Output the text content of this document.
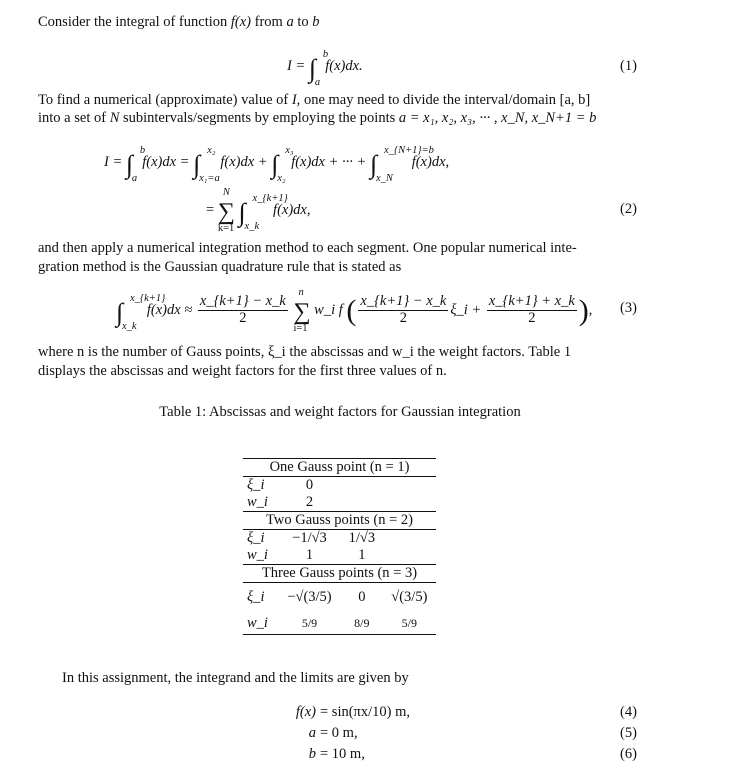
Consider the integral of function f(x) from a to b
I = ∫ b
a
f(x)dx.	(1)
To find a numerical (approximate) value of I, one may need to divide the interval/domain [a, b]
into a set of N subintervals/segments by employing the points a = x₁, x₂, x₃, ··· , x_N, x_N+1 = b
I = ∫ b
a
f(x)dx = ∫ x₂
x₁=a
f(x)dx + ∫ x₃
x₂
f(x)dx + ··· + ∫ x_{N+1}=b
x_N
f(x)dx,
= ∑
N
k=1
∫ x_{k+1}
x_k
f(x)dx,	(2)
and then apply a numerical integration method to each segment. One popular numerical inte-
gration method is the Gaussian quadrature rule that is stated as
∫ x_{k+1}
x_k
$f(x)dx \approx \frac{x\_\{k+1\} - x\_k}{2}$ ∑
n
i=1
w_i f ( $\frac{x\_\{k+1\} - x\_k}{2}$ ξ_i + $\frac{x\_\{k+1\} + x\_k}{2}$ ), (3)
where n is the number of Gauss points, ξ_i the abscissas and w_i the weight factors. Table 1
displays the abscissas and weight factors for the first three values of n.
Table 1: Abscissas and weight factors for Gaussian integration
One Gauss point (n = 1)			
ξ_i	0		
w_i	2		
Two Gauss points (n = 2)			
ξ_i	−1/√3	1/√3	
w_i	1	1	
Three Gauss points (n = 3)			
ξ_i	−√(3/5)	0	√(3/5)
w_i	5/9	8/9	5/9
In this assignment, the integrand and the limits are given by
f(x) = sin(πx/10) m,	(4)
a = 0 m,	(5)
b = 10 m,	(6)
